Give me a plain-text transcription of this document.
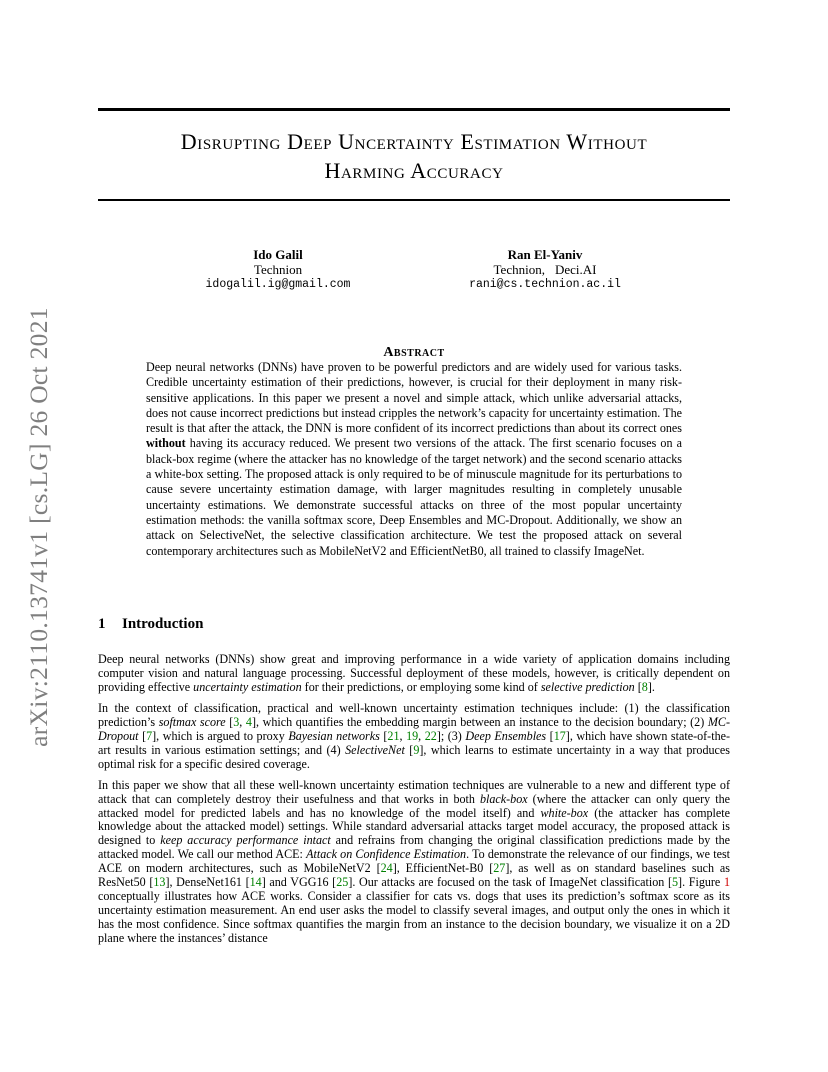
arXiv:2110.13741v1 [cs.LG] 26 Oct 2021
Disrupting Deep Uncertainty Estimation Without
Harming Accuracy
Ido Galil
Technion
idogalil.ig@gmail.com
Ran El-Yaniv
Technion, Deci.AI
rani@cs.technion.ac.il
Abstract

Deep neural networks (DNNs) have proven to be powerful predictors and are widely used for various tasks. Credible uncertainty estimation of their predictions, however, is crucial for their deployment in many risk-sensitive applications. In this paper we present a novel and simple attack, which unlike adversarial attacks, does not cause incorrect predictions but instead cripples the network’s capacity for uncertainty estimation. The result is that after the attack, the DNN is more confident of its incorrect predictions than about its correct ones without having its accuracy reduced. We present two versions of the attack. The first scenario focuses on a black-box regime (where the attacker has no knowledge of the target network) and the second scenario attacks a white-box setting. The proposed attack is only required to be of minuscule magnitude for its perturbations to cause severe uncertainty estimation damage, with larger magnitudes resulting in completely unusable uncertainty estimations. We demonstrate successful attacks on three of the most popular uncertainty estimation methods: the vanilla softmax score, Deep Ensembles and MC-Dropout. Additionally, we show an attack on SelectiveNet, the selective classification architecture. We test the proposed attack on several contemporary architectures such as MobileNetV2 and EfficientNetB0, all trained to classify ImageNet.

1 Introduction

Deep neural networks (DNNs) show great and improving performance in a wide variety of application domains including computer vision and natural language processing. Successful deployment of these models, however, is critically dependent on providing effective uncertainty estimation for their predictions, or employing some kind of selective prediction [8].

In the context of classification, practical and well-known uncertainty estimation techniques include: (1) the classification prediction’s softmax score [3, 4], which quantifies the embedding margin between an instance to the decision boundary; (2) MC-Dropout [7], which is argued to proxy Bayesian networks [21, 19, 22]; (3) Deep Ensembles [17], which have shown state-of-the-art results in various estimation settings; and (4) SelectiveNet [9], which learns to estimate uncertainty in a way that produces optimal risk for a specific desired coverage.

In this paper we show that all these well-known uncertainty estimation techniques are vulnerable to a new and different type of attack that can completely destroy their usefulness and that works in both black-box (where the attacker can only query the attacked model for predicted labels and has no knowledge of the model itself) and white-box (the attacker has complete knowledge about the attacked model) settings. While standard adversarial attacks target model accuracy, the proposed attack is designed to keep accuracy performance intact and refrains from changing the original classification predictions made by the attacked model. We call our method ACE: Attack on Confidence Estimation. To demonstrate the relevance of our findings, we test ACE on modern architectures, such as MobileNetV2 [24], EfficientNet-B0 [27], as well as on standard baselines such as ResNet50 [13], DenseNet161 [14] and VGG16 [25]. Our attacks are focused on the task of ImageNet classification [5]. Figure 1 conceptually illustrates how ACE works. Consider a classifier for cats vs. dogs that uses its prediction’s softmax score as its uncertainty estimation measurement. An end user asks the model to classify several images, and output only the ones in which it has the most confidence. Since softmax quantifies the margin from an instance to the decision boundary, we visualize it on a 2D plane where the instances’ distance
